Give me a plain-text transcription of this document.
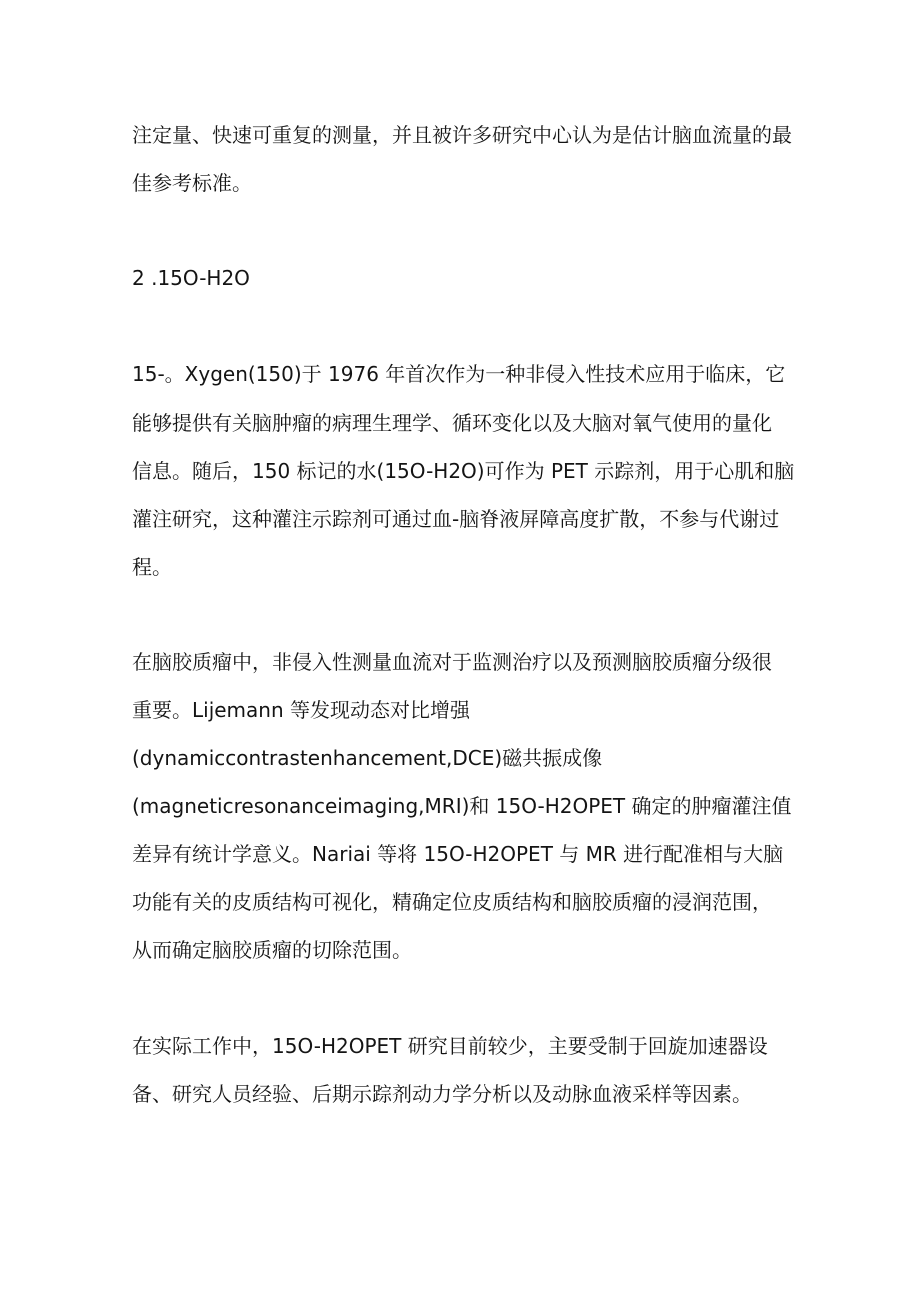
注定量、快速可重复的测量，并且被许多研究中心认为是估计脑血流量的最
佳参考标准。
2 .15O-H2O
15-。Xygen(150)于 1976 年首次作为一种非侵入性技术应用于临床，它
能够提供有关脑肿瘤的病理生理学、循环变化以及大脑对氧气使用的量化
信息。随后，150 标记的水(15O-H2O)可作为 PET 示踪剂，用于心肌和脑
灌注研究，这种灌注示踪剂可通过血-脑脊液屏障高度扩散，不参与代谢过
程。
在脑胶质瘤中，非侵入性测量血流对于监测治疗以及预测脑胶质瘤分级很
重要。Lijemann 等发现动态对比增强
(dynamiccontrastenhancement,DCE)磁共振成像
(magneticresonanceimaging,MRI)和 15O-H2OPET 确定的肿瘤灌注值
差异有统计学意义。Nariai 等将 15O-H2OPET 与 MR 进行配准相与大脑
功能有关的皮质结构可视化，精确定位皮质结构和脑胶质瘤的浸润范围，
从而确定脑胶质瘤的切除范围。
在实际工作中，15O-H2OPET 研究目前较少，主要受制于回旋加速器设
备、研究人员经验、后期示踪剂动力学分析以及动脉血液采样等因素。
